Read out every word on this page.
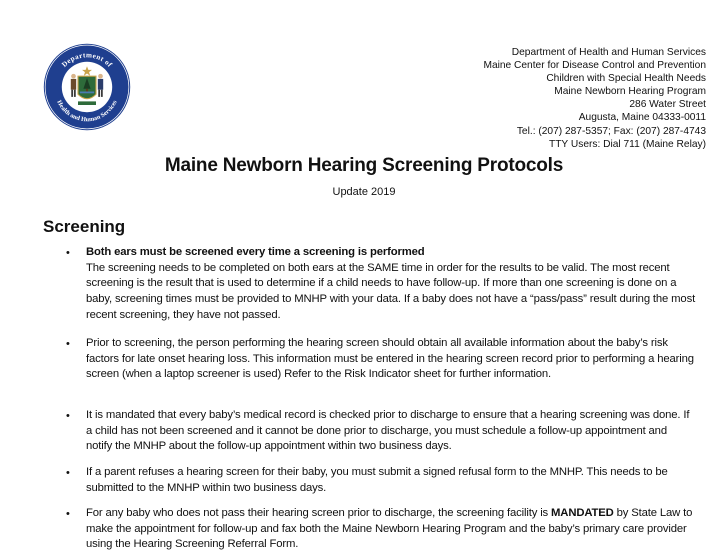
Department of
Health and Human Services
Department of Health and Human Services
Maine Center for Disease Control and Prevention
Children with Special Health Needs
Maine Newborn Hearing Program
286 Water Street
Augusta, Maine 04333-0011
Tel.: (207) 287-5357; Fax: (207) 287-4743
TTY Users: Dial 711 (Maine Relay)
Maine Newborn Hearing Screening Protocols
Update 2019
Screening
• Both ears must be screened every time a screening is performed
The screening needs to be completed on both ears at the SAME time in order for the results to be valid. The most recent screening is the result that is used to determine if a child needs to have follow-up. If more than one screening is done on a baby, screening times must be provided to MNHP with your data. If a baby does not have a “pass/pass” result during the most recent screening, they have not passed.
• Prior to screening, the person performing the hearing screen should obtain all available information about the baby’s risk factors for late onset hearing loss. This information must be entered in the hearing screen record prior to performing a hearing screen (when a laptop screener is used) Refer to the Risk Indicator sheet for further information.
• It is mandated that every baby’s medical record is checked prior to discharge to ensure that a hearing screening was done. If a child has not been screened and it cannot be done prior to discharge, you must schedule a follow-up appointment and notify the MNHP about the follow-up appointment within two business days.
• If a parent refuses a hearing screen for their baby, you must submit a signed refusal form to the MNHP. This needs to be submitted to the MNHP within two business days.
• For any baby who does not pass their hearing screen prior to discharge, the screening facility is MANDATED by State Law to make the appointment for follow-up and fax both the Maine Newborn Hearing Program and the baby’s primary care provider using the Hearing Screening Referral Form.
